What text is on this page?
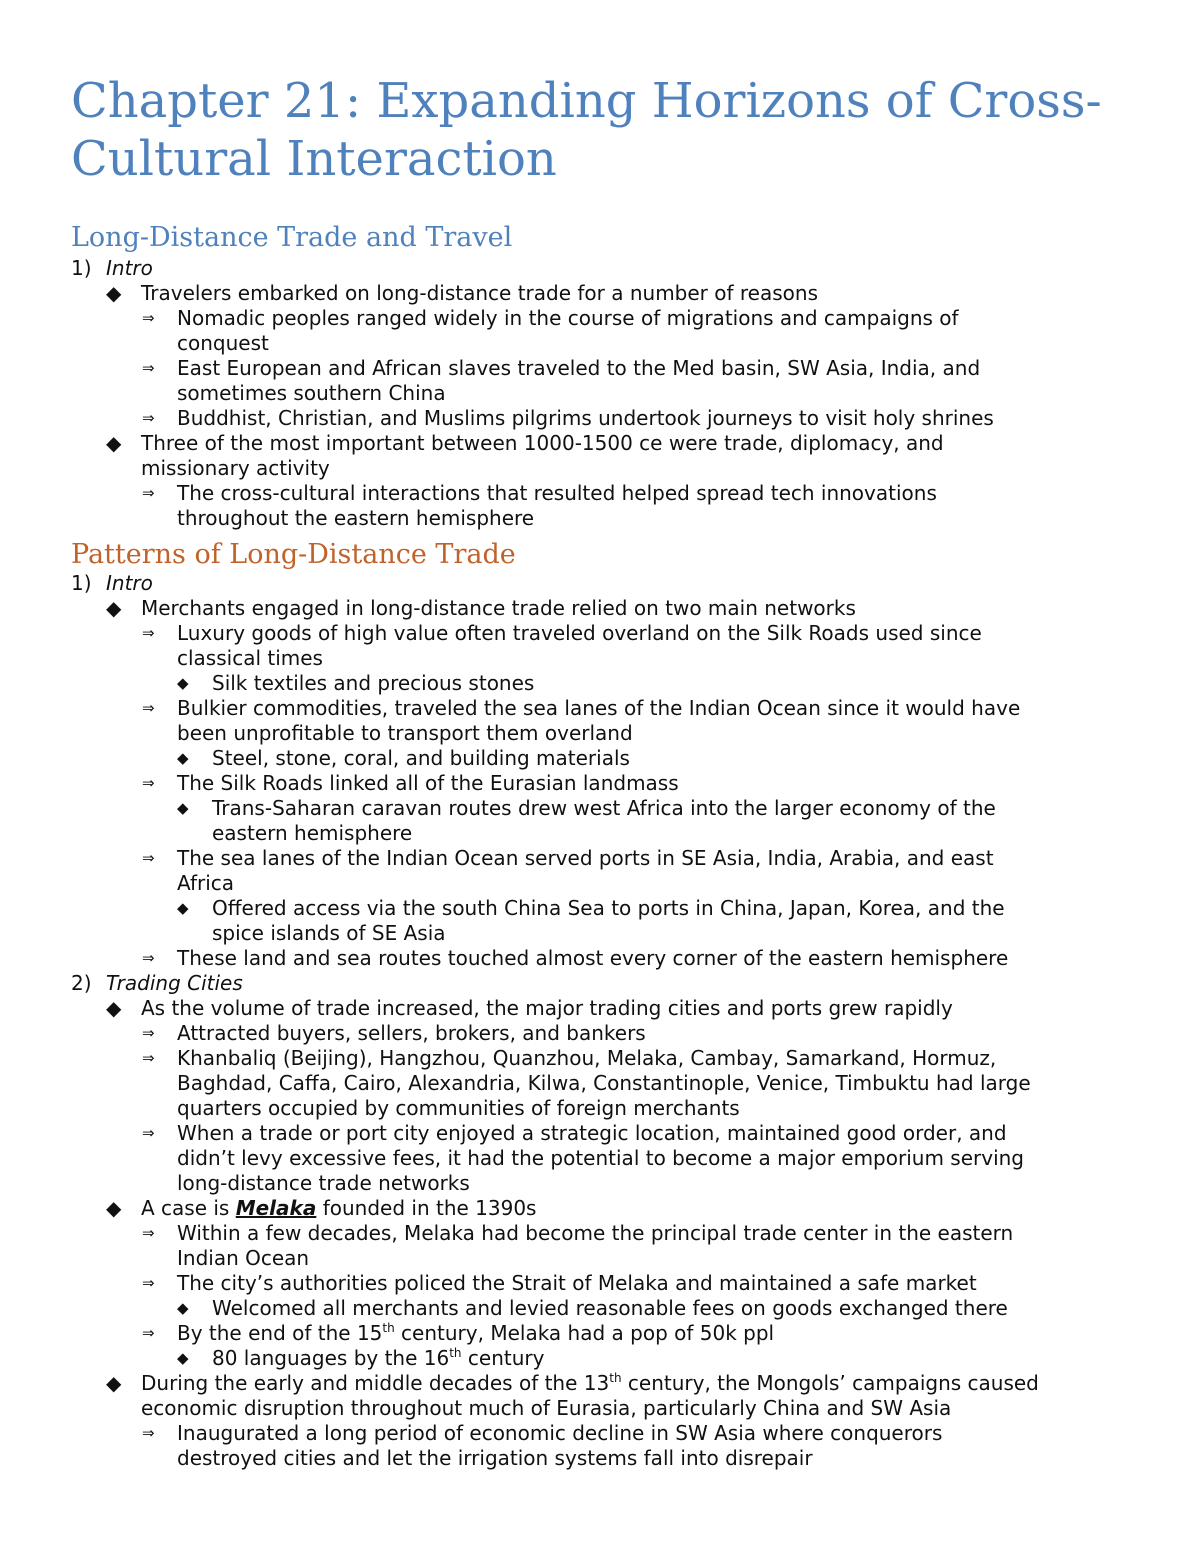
Chapter 21: Expanding Horizons of Cross-Cultural Interaction
Long-Distance Trade and Travel
Patterns of Long-Distance Trade
1) Intro
◆ Travelers embarked on long-distance trade for a number of reasons
⇒ Nomadic peoples ranged widely in the course of migrations and campaigns of
conquest
⇒ East European and African slaves traveled to the Med basin, SW Asia, India, and
sometimes southern China
⇒ Buddhist, Christian, and Muslims pilgrims undertook journeys to visit holy shrines
◆ Three of the most important between 1000-1500 ce were trade, diplomacy, and
missionary activity
⇒ The cross-cultural interactions that resulted helped spread tech innovations
throughout the eastern hemisphere
1) Intro
◆ Merchants engaged in long-distance trade relied on two main networks
⇒ Luxury goods of high value often traveled overland on the Silk Roads used since
classical times
◆ Silk textiles and precious stones
⇒ Bulkier commodities, traveled the sea lanes of the Indian Ocean since it would have
been unprofitable to transport them overland
◆ Steel, stone, coral, and building materials
⇒ The Silk Roads linked all of the Eurasian landmass
◆ Trans-Saharan caravan routes drew west Africa into the larger economy of the
eastern hemisphere
⇒ The sea lanes of the Indian Ocean served ports in SE Asia, India, Arabia, and east
Africa
◆ Offered access via the south China Sea to ports in China, Japan, Korea, and the
spice islands of SE Asia
⇒ These land and sea routes touched almost every corner of the eastern hemisphere
2) Trading Cities
◆ As the volume of trade increased, the major trading cities and ports grew rapidly
⇒ Attracted buyers, sellers, brokers, and bankers
⇒ Khanbaliq (Beijing), Hangzhou, Quanzhou, Melaka, Cambay, Samarkand, Hormuz,
Baghdad, Caffa, Cairo, Alexandria, Kilwa, Constantinople, Venice, Timbuktu had large
quarters occupied by communities of foreign merchants
⇒ When a trade or port city enjoyed a strategic location, maintained good order, and
didn’t levy excessive fees, it had the potential to become a major emporium serving
long-distance trade networks
◆ A case is Melaka founded in the 1390s
⇒ Within a few decades, Melaka had become the principal trade center in the eastern
Indian Ocean
⇒ The city’s authorities policed the Strait of Melaka and maintained a safe market
◆ Welcomed all merchants and levied reasonable fees on goods exchanged there
⇒ By the end of the 15th century, Melaka had a pop of 50k ppl
◆ 80 languages by the 16th century
◆ During the early and middle decades of the 13th century, the Mongols’ campaigns caused
economic disruption throughout much of Eurasia, particularly China and SW Asia
⇒ Inaugurated a long period of economic decline in SW Asia where conquerors
destroyed cities and let the irrigation systems fall into disrepair
